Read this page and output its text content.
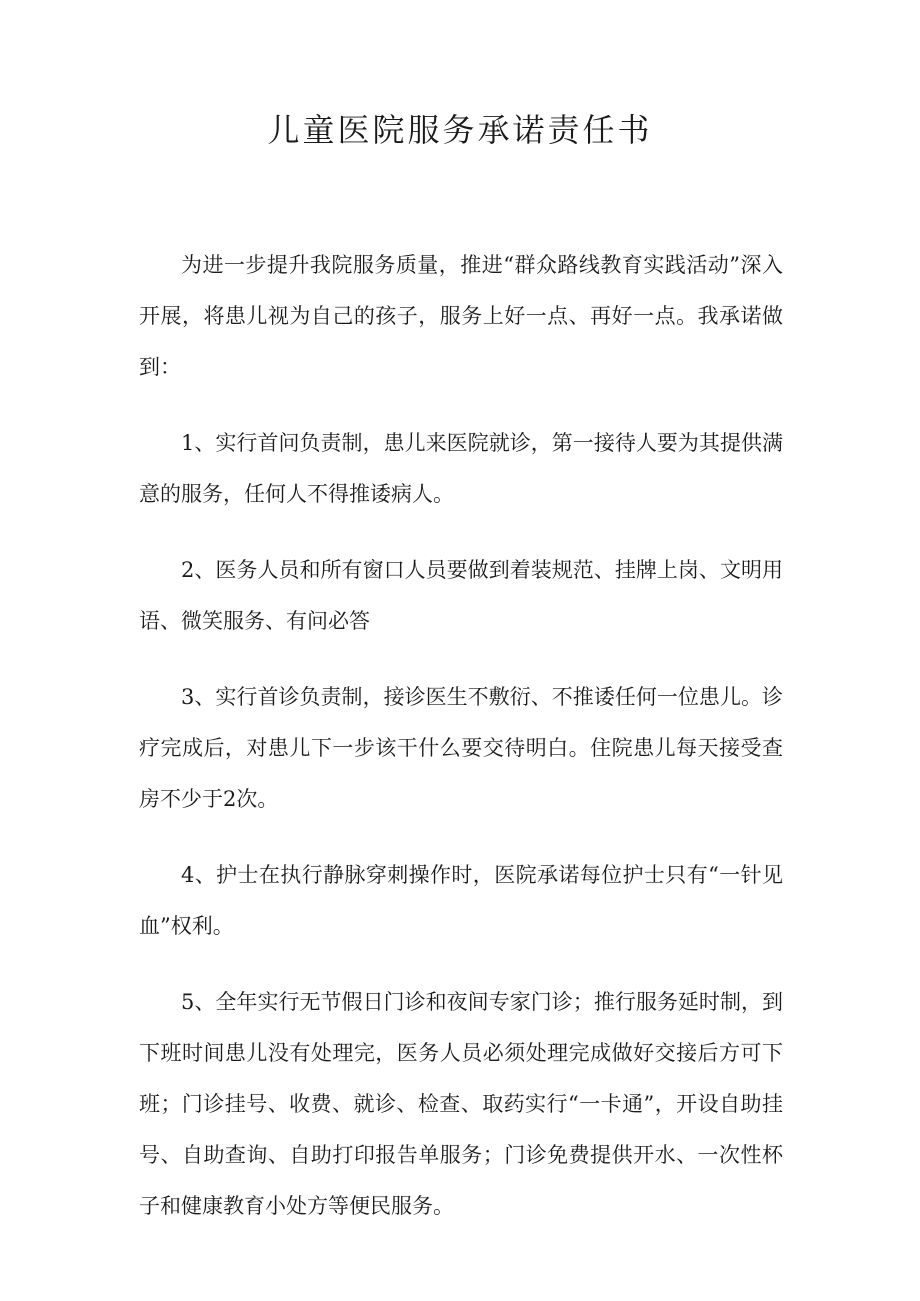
儿童医院服务承诺责任书

为进一步提升我院服务质量，推进“群众路线教育实践活动”深入开展，将患儿视为自己的孩子，服务上好一点、再好一点。我承诺做到：

1、实行首问负责制，患儿来医院就诊，第一接待人要为其提供满意的服务，任何人不得推诿病人。

2、医务人员和所有窗口人员要做到着装规范、挂牌上岗、文明用语、微笑服务、有问必答

3、实行首诊负责制，接诊医生不敷衍、不推诿任何一位患儿。诊疗完成后，对患儿下一步该干什么要交待明白。住院患儿每天接受查房不少于2次。

4、护士在执行静脉穿刺操作时，医院承诺每位护士只有“一针见血”权利。

5、全年实行无节假日门诊和夜间专家门诊；推行服务延时制，到下班时间患儿没有处理完，医务人员必须处理完成做好交接后方可下班；门诊挂号、收费、就诊、检查、取药实行“一卡通”，开设自助挂号、自助查询、自助打印报告单服务；门诊免费提供开水、一次性杯子和健康教育小处方等便民服务。
